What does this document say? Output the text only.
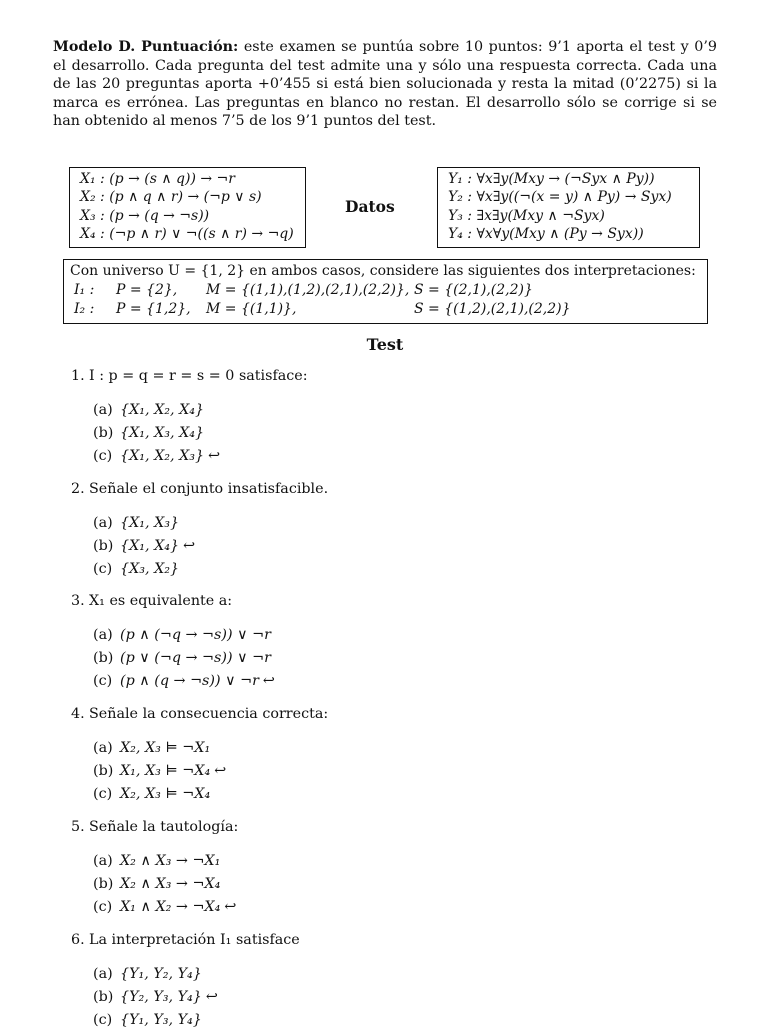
Modelo D. Puntuación: este examen se puntúa sobre 10 puntos: 9’1 aporta el test y 0’9 el desarrollo. Cada pregunta del test admite una y sólo una respuesta correcta. Cada una de las 20 preguntas aporta +0’455 si está bien solucionada y resta la mitad (0’2275) si la marca es errónea. Las preguntas en blanco no restan. El desarrollo sólo se corrige si se han obtenido al menos 7’5 de los 9’1 puntos del test.
X₁ : (p → (s ∧ q)) → ¬r
X₂ : (p ∧ q ∧ r) → (¬p ∨ s)
X₃ : (p → (q → ¬s))
X₄ : (¬p ∧ r) ∨ ¬((s ∧ r) → ¬q)
Datos
Y₁ : ∀x∃y(Mxy → (¬Syx ∧ Py))
Y₂ : ∀x∃y((¬(x = y) ∧ Py) → Syx)
Y₃ : ∃x∃y(Mxy ∧ ¬Syx)
Y₄ : ∀x∀y(Mxy ∧ (Py → Syx))
Con universo U = {1, 2} en ambos casos, considere las siguientes dos interpretaciones:
I₁ : P = {2}, M = {(1,1),(1,2),(2,1),(2,2)}, S = {(2,1),(2,2)}
I₂ : P = {1,2}, M = {(1,1)},	S = {(1,2),(2,1),(2,2)}
Test
1. I : p = q = r = s = 0 satisface:
(a) {X₁, X₂, X₄}
(b) {X₁, X₃, X₄}
(c) {X₁, X₂, X₃} ↩
2. Señale el conjunto insatisfacible.
(a) {X₁, X₃}
(b) {X₁, X₄} ↩
(c) {X₃, X₂}
3. X₁ es equivalente a:
(a) (p ∧ (¬q → ¬s)) ∨ ¬r
(b) (p ∨ (¬q → ¬s)) ∨ ¬r
(c) (p ∧ (q → ¬s)) ∨ ¬r ↩
4. Señale la consecuencia correcta:
(a) X₂, X₃ ⊨ ¬X₁
(b) X₁, X₃ ⊨ ¬X₄ ↩
(c) X₂, X₃ ⊨ ¬X₄
5. Señale la tautología:
(a) X₂ ∧ X₃ → ¬X₁
(b) X₂ ∧ X₃ → ¬X₄
(c) X₁ ∧ X₂ → ¬X₄ ↩
6. La interpretación I₁ satisface
(a) {Y₁, Y₂, Y₄}
(b) {Y₂, Y₃, Y₄} ↩
(c) {Y₁, Y₃, Y₄}
